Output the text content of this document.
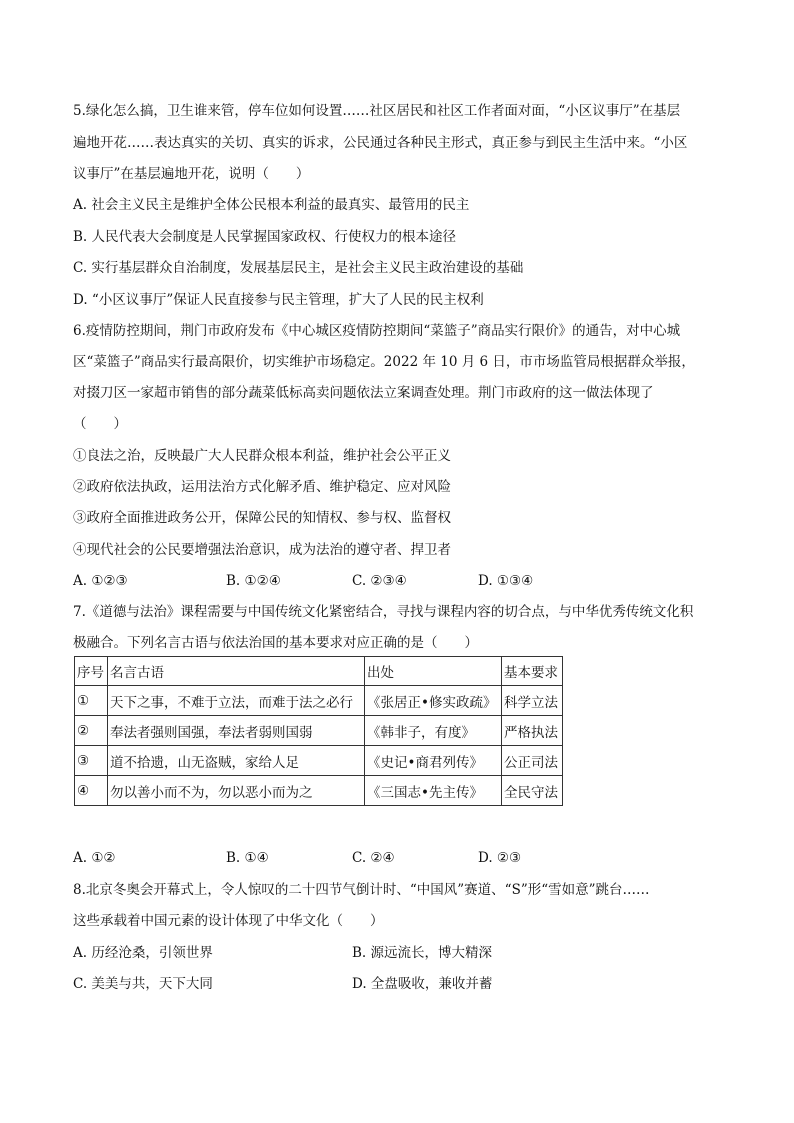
5.绿化怎么搞，卫生谁来管，停车位如何设置……社区居民和社区工作者面对面，“小区议事厅”在基层
遍地开花……表达真实的关切、真实的诉求，公民通过各种民主形式，真正参与到民主生活中来。“小区
议事厅”在基层遍地开花，说明（　　）
A. 社会主义民主是维护全体公民根本利益的最真实、最管用的民主
B. 人民代表大会制度是人民掌握国家政权、行使权力的根本途径
C. 实行基层群众自治制度，发展基层民主，是社会主义民主政治建设的基础
D. “小区议事厅”保证人民直接参与民主管理，扩大了人民的民主权利
6.疫情防控期间，荆门市政府发布《中心城区疫情防控期间“菜篮子”商品实行限价》的通告，对中心城
区“菜篮子”商品实行最高限价，切实维护市场稳定。2022 年 10 月 6 日，市市场监管局根据群众举报，
对掇刀区一家超市销售的部分蔬菜低标高卖问题依法立案调查处理。荆门市政府的这一做法体现了
（　　）
①良法之治，反映最广大人民群众根本利益，维护社会公平正义
②政府依法执政，运用法治方式化解矛盾、维护稳定、应对风险
③政府全面推进政务公开，保障公民的知情权、参与权、监督权
④现代社会的公民要增强法治意识，成为法治的遵守者、捍卫者
A. ①②③	B. ①②④	C. ②③④	D. ①③④
7.《道德与法治》课程需要与中国传统文化紧密结合，寻找与课程内容的切合点，与中华优秀传统文化积
极融合。下列名言古语与依法治国的基本要求对应正确的是（　　）
序号	名言古语	出处	基本要求
①	天下之事，不难于立法，而难于法之必行	《张居正•修实政疏》	科学立法
②	奉法者强则国强，奉法者弱则国弱	《韩非子，有度》	严格执法
③	道不拾遗，山无盗贼，家给人足	《史记•商君列传》	公正司法
④	勿以善小而不为，勿以恶小而为之	《三国志•先主传》	全民守法
A. ①②	B. ①④	C. ②④	D. ②③
8.北京冬奥会开幕式上，令人惊叹的二十四节气倒计时、“中国风”赛道、“S”形“雪如意”跳台……
这些承载着中国元素的设计体现了中华文化（　　）
A. 历经沧桑，引领世界	B. 源远流长，博大精深
C. 美美与共，天下大同	D. 全盘吸收，兼收并蓄
